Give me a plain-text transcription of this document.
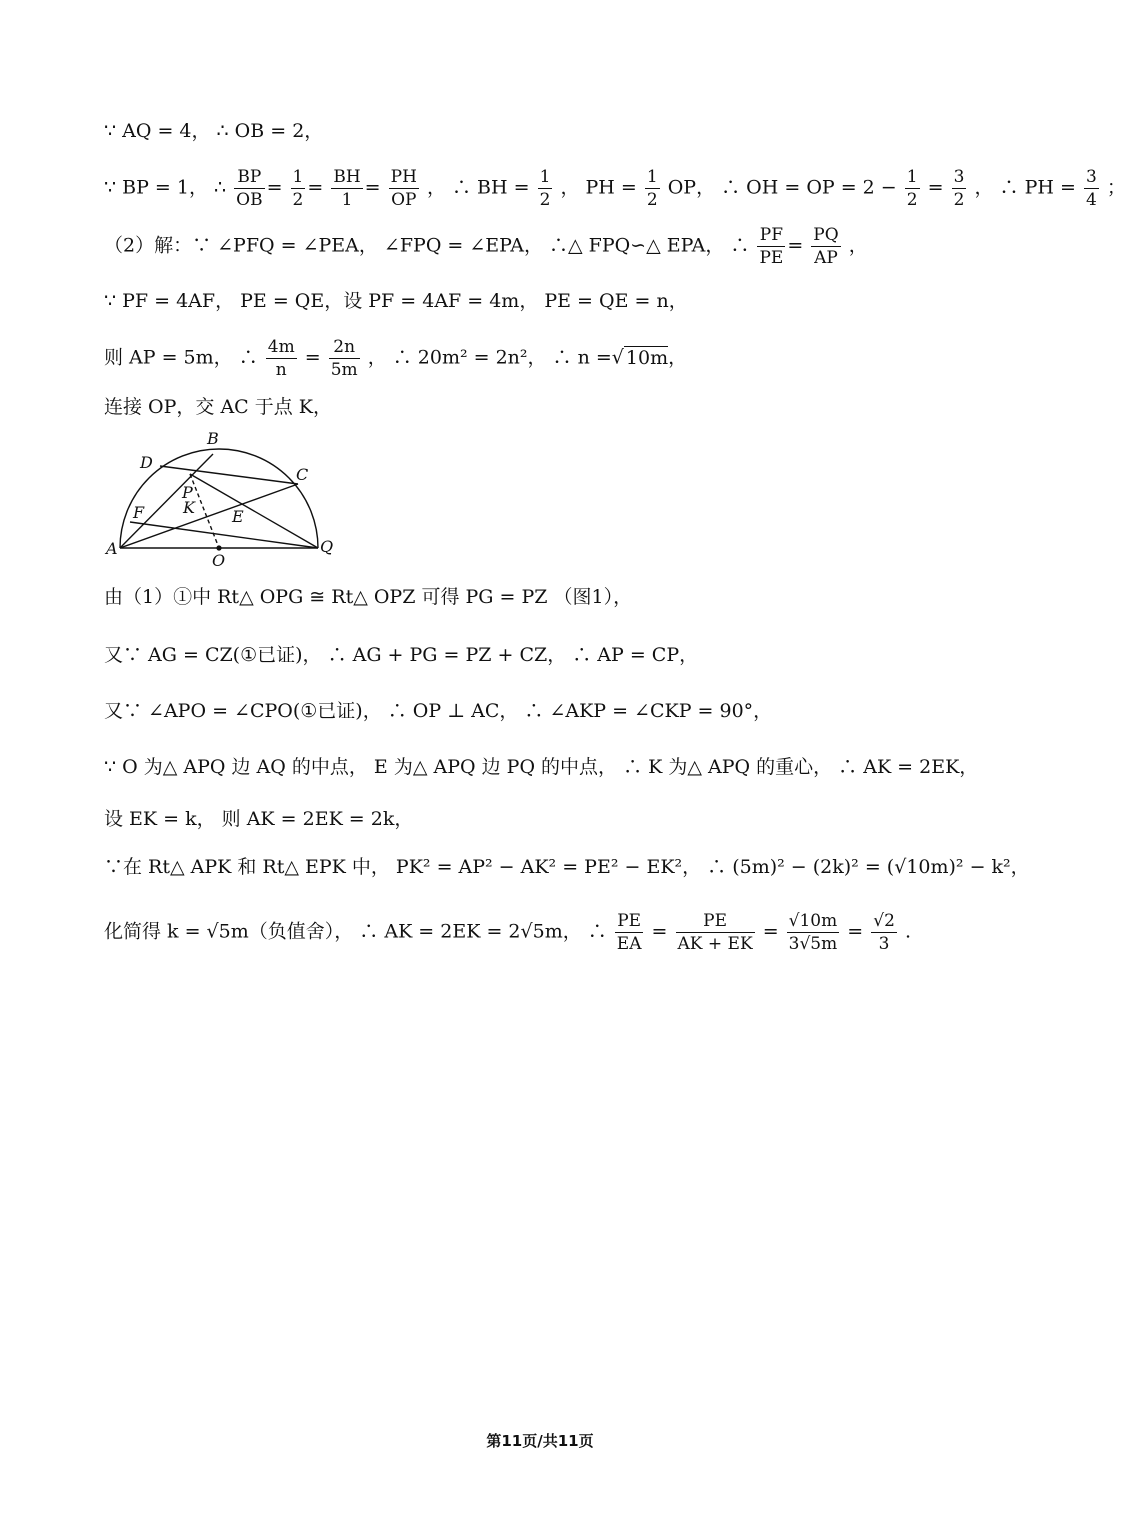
∵ AQ = 4， ∴ OB = 2，
∵ BP = 1， ∴ $\frac{BP}{OB} = \frac{1}{2} = \frac{BH}{1} = \frac{PH}{OP}$ ， ∴ BH = $\frac{1}{2}$ ， PH = $\frac{1}{2}$ OP， ∴ OH = OP = $2 - \frac{1}{2} = \frac{3}{2}$ ， ∴ PH = $\frac{3}{4}$ ；
（2）解：∵ ∠PFQ = ∠PEA， ∠FPQ = ∠EPA， ∴△ FPQ∽△ EPA， ∴ $\frac{PF}{PE} = \frac{PQ}{AP}$ ，
∵ PF = 4AF， PE = QE，设 PF = 4AF = 4m， PE = QE = n，
则 AP = 5m， ∴ $\frac{4m}{n} = \frac{2n}{5m}$ ， ∴ 20m² = 2n²， ∴ n =√ 10m，
连接 OP，交 AC 于点 K，
A
B
C
D
E
F K
O
P
Q
由（1）①中 Rt△ OPG ≅ Rt△ OPZ 可得 PG = PZ （图1），
又∵ AG = CZ(①已证)， ∴ AG + PG = PZ + CZ， ∴ AP = CP，
又∵ ∠APO = ∠CPO(①已证)， ∴ OP ⊥ AC， ∴ ∠AKP = ∠CKP = 90°，
∵ O 为△ APQ 边 AQ 的中点， E 为△ APQ 边 PQ 的中点， ∴ K 为△ APQ 的重心， ∴ AK = 2EK，
设 EK = k， 则 AK = 2EK = 2k，
∵在 Rt△ APK 和 Rt△ EPK 中， PK² = AP² − AK² = PE² − EK²， ∴ (5m)² − (2k)² = (√10m)² − k²，
化简得 k = √5m（负值舍）， ∴ AK = 2EK = 2√5m， ∴ $\frac{PE}{EA} = \frac{PE}{AK + EK} = \frac{√10m}{3√5m} = \frac{√2}{3}$ .
第11页/共11页
